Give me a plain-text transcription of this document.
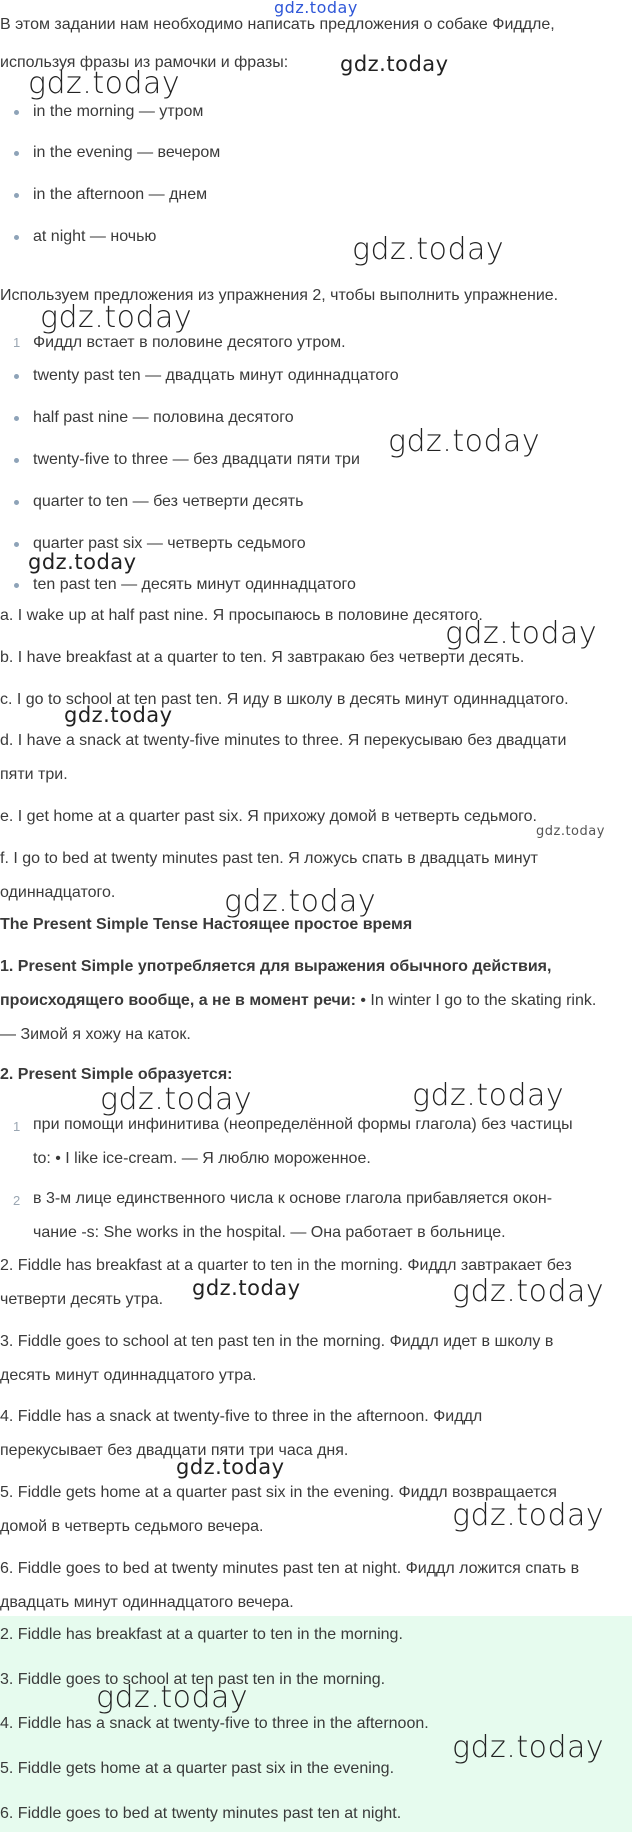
В этом задании нам необходимо написать предложения о собаке Фиддле,
используя фразы из рамочки и фразы:
in the morning — утром
in the evening — вечером
in the afternoon — днем
at night — ночью
Используем предложения из упражнения 2, чтобы выполнить упражнение.
1 Фиддл встает в половине десятого утром.
twenty past ten — двадцать минут одиннадцатого
half past nine — половина десятого
twenty-five to three — без двадцати пяти три
quarter to ten — без четверти десять
quarter past six — четверть седьмого
ten past ten — десять минут одиннадцатого
a. I wake up at half past nine. Я просыпаюсь в половине десятого.
b. I have breakfast at a quarter to ten. Я завтракаю без четверти десять.
c. I go to school at ten past ten. Я иду в школу в десять минут одиннадцатого.
d. I have a snack at twenty-five minutes to three. Я перекусываю без двадцати
пяти три.
e. I get home at a quarter past six. Я прихожу домой в четверть седьмого.
f. I go to bed at twenty minutes past ten. Я ложусь спать в двадцать минут
одиннадцатого.
The Present Simple Tense Настоящее простое время
1. Present Simple употребляется для выражения обычного действия,
происходящего вообще, а не в момент речи: • In winter I go to the skating rink.
— Зимой я хожу на каток.
2. Present Simple образуется:
1 при помощи инфинитива (неопределённой формы глагола) без частицы
to: • I like ice-cream. — Я люблю мороженное.
2 в 3-м лице единственного числа к основе глагола прибавляется окон-
чание -s: She works in the hospital. — Она работает в больнице.
2. Fiddle has breakfast at a quarter to ten in the morning. Фиддл завтракает без
четверти десять утра.
3. Fiddle goes to school at ten past ten in the morning. Фиддл идет в школу в
десять минут одиннадцатого утра.
4. Fiddle has a snack at twenty-five to three in the afternoon. Фиддл
перекусывает без двадцати пяти три часа дня.
5. Fiddle gets home at a quarter past six in the evening. Фиддл возвращается
домой в четверть седьмого вечера.
6. Fiddle goes to bed at twenty minutes past ten at night. Фиддл ложится спать в
двадцать минут одиннадцатого вечера.
2. Fiddle has breakfast at a quarter to ten in the morning.
3. Fiddle goes to school at ten past ten in the morning.
4. Fiddle has a snack at twenty-five to three in the afternoon.
5. Fiddle gets home at a quarter past six in the evening.
6. Fiddle goes to bed at twenty minutes past ten at night.
gdz.today
gdz.today
gdz.today
gdz.today
gdz.today
gdz.today
gdz.today
gdz.today
gdz.today
gdz.today
gdz.today
gdz.today	gdz.today
gdz.today	gdz.today
gdz.today
gdz.today
gdz.today
gdz.today
